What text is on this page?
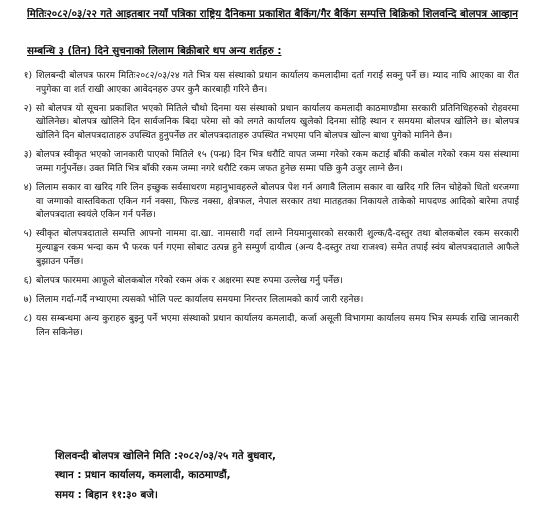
मितिः२०८२/०३/२२ गते आइतबार नयाँ पत्रिका राष्ट्रिय दैनिकमा प्रकाशित बैकिंग/गैर बैकिंग सम्पत्ति बिक्रिको शिलवन्दि बोलपत्र आव्हान
सम्बन्धि ३ (तिन) दिने सुचनाको लिलाम बिक्रीबारे थप अन्य शर्तहरु :
१) शिलबन्दी बोलपत्र फारम मितिः२०८२/०३/२४ गते भित्र यस संस्थाको प्रधान कार्यालय कमलादीमा दर्ता गराई सक्नु पर्ने छ। म्याद नाघि आएका वा रीत नपुगेका वा शर्त राखी आएका आवेदनहरु उपर कुनै कारबाही गरिने छैन।
२) सो बोलपत्र यो सूचना प्रकाशित भएको मितिले चौथो दिनमा यस संस्थाको प्रधान कार्यालय कमलादी काठमाण्डौमा सरकारी प्रतिनिधिहरुको रोहवरमा खोलिनेछ। बोलपत्र खोलिने दिन सार्वजनिक बिदा परेमा सो को लगते कार्यालय खुलेको दिनमा सोहि स्थान र समयमा बोलपत्र खोलिने छ। बोलपत्र खोलिने दिन बोलपत्रदाताहरु उपस्थित हुनुपर्नेछ तर बोलपत्रदाताहरु उपस्थित नभएमा पनि बोलपत्र खोल्न बाधा पुगेको मानिने छैन।
३) बोलपत्र स्वीकृत भएको जानकारी पाएको मितिले १५ (पन्ध्र) दिन भित्र धरौटि वापत जम्मा गरेको रकम कटाई बाँकी कबोल गरेको रकम यस संस्थामा जम्मा गर्नुपर्नेछ। उक्त मिति भित्र बाँकी रकम जम्मा नगरे धरौटि रकम जफत हुनेछ सम्मा पछि कुनै उजुर लाग्ने छैन।
४) लिलाम सकार वा खरिद गरि लिन इच्छुक सर्वसाधरण महानुभावहरुले बोलपत्र पेश गर्न अगावै लिलाम सकार वा खरिद गरि लिन चोहेको धितो धरजग्गा वा जग्गाको वास्तविकता एकिन गर्न नक्सा, फिल्ड नक्सा, क्षेत्रफल, नेपाल सरकार तथा मातहतका निकायले ताकेको मापदण्ड आदिको बारेमा तपाई बोलपत्रदाता स्वयंले एकिन गर्न पर्नेछ।
५) स्वीकृत बोलपत्रदाताले सम्पत्ति आफ्नो नाममा दा.खा. नामसारी गर्दा लाग्ने नियमानुसारको सरकारी शुल्क/दै-दस्तुर तथा बोलकबोल रकम सरकारी मुल्याङ्कन रकम भन्दा कम भै फरक पर्न गएमा सोबाट उत्पन्न हुने सम्पुर्ण दायीत्व (अन्य दै-दस्तुर तथा राजश्व) समेत तपाई स्वंय बोलपत्रदाताले आफैले बुझाउन पर्नेछ।
६) बोलपत्र फारममा आफूले बोलकबोल गरेको रकम अंक र अक्षरमा स्पष्ट रुपमा उल्लेख गर्नु पर्नेछ।
७) लिलाम गर्दा-गर्दै नभ्याएमा त्यसको भोलि पल्ट कार्यालय समयमा निरन्तर लिलामको कार्य जारी रहनेछ।
८) यस सम्बन्धमा अन्य कुराहरु बुझ्नु पर्ने भएमा संस्थाको प्रधान कार्यालय कमलादी, कर्जा असूली विभागमा कार्यालय समय भित्र सम्पर्क राखि जानकारी लिन सकिनेछ।
शिलवन्दी बोलपत्र खोलिने मिति :२०८२/०३/२५ गते बुधवार,
स्थान : प्रधान कार्यालय, कमलादी, काठमाण्डौं,
समय : बिहान ११:३० बजे।
